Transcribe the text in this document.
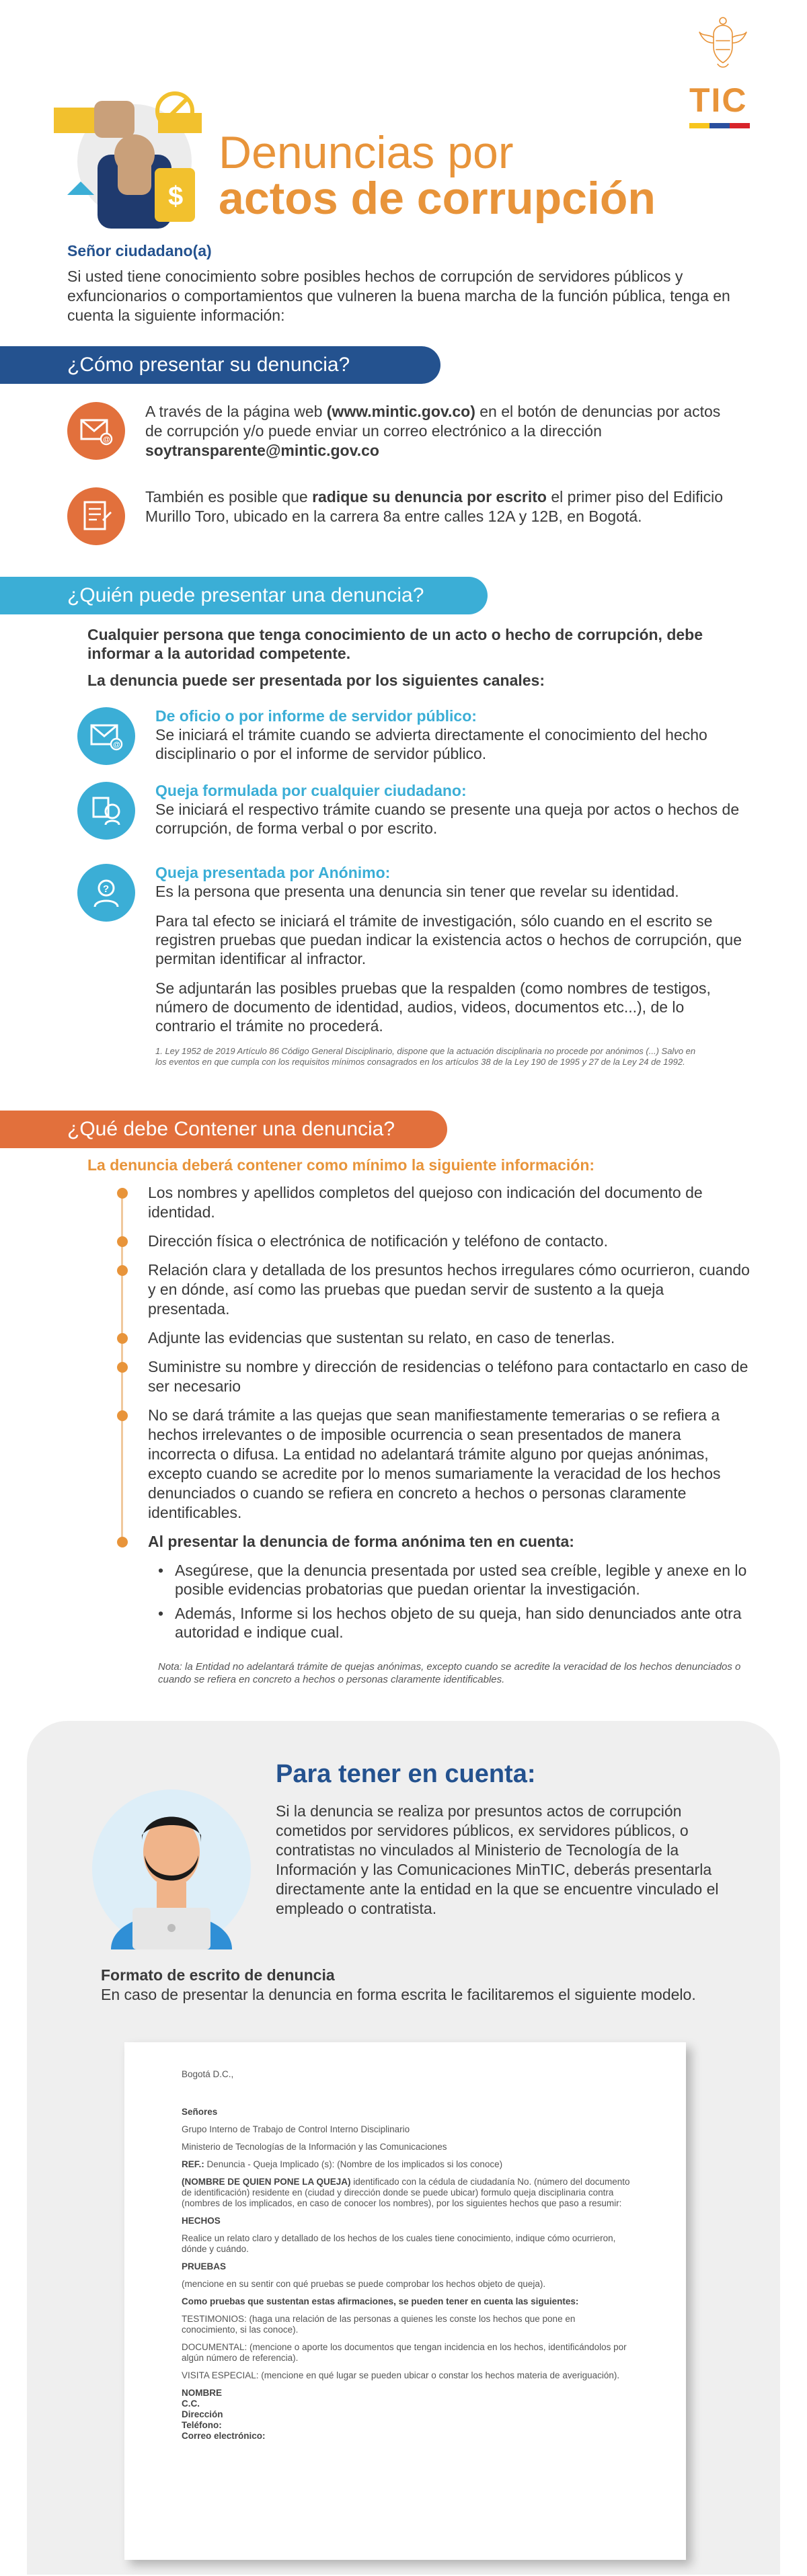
TIC
$
Denuncias por
actos de corrupción
Señor ciudadano(a)
Si usted tiene conocimiento sobre posibles hechos de corrupción de servidores públicos y exfuncionarios o comportamientos que vulneren la buena marcha de la función pública, tenga en cuenta la siguiente información:
¿Cómo presentar su denuncia?
@
A través de la página web (www.mintic.gov.co) en el botón de denuncias por actos de corrupción y/o puede enviar un correo electrónico a la dirección soytransparente@mintic.gov.co
También es posible que radique su denuncia por escrito el primer piso del Edificio Murillo Toro, ubicado en la carrera 8a entre calles 12A y 12B, en Bogotá.
¿Quién puede presentar una denuncia?
Cualquier persona que tenga conocimiento de un acto o hecho de corrupción, debe informar a la autoridad competente.
La denuncia puede ser presentada por los siguientes canales:
@
De oficio o por informe de servidor público:
Se iniciará el trámite cuando se advierta directamente el conocimiento del hecho disciplinario o por el informe de servidor público.
Queja formulada por cualquier ciudadano:
Se iniciará el respectivo trámite cuando se presente una queja por actos o hechos de corrupción, de forma verbal o por escrito.
?
Queja presentada por Anónimo:
Es la persona que presenta una denuncia sin tener que revelar su identidad.
Para tal efecto se iniciará el trámite de investigación, sólo cuando en el escrito se registren pruebas que puedan indicar la existencia actos o hechos de corrupción, que permitan identificar al infractor.
Se adjuntarán las posibles pruebas que la respalden (como nombres de testigos, número de documento de identidad, audios, videos, documentos etc...), de lo contrario el trámite no procederá.
1. Ley 1952 de 2019 Artículo 86 Código General Disciplinario, dispone que la actuación disciplinaria no procede por anónimos (...) Salvo en los eventos en que cumpla con los requisitos mínimos consagrados en los artículos 38 de la Ley 190 de 1995 y 27 de la Ley 24 de 1992.
¿Qué debe Contener una denuncia?
La denuncia deberá contener como mínimo la siguiente información:
Los nombres y apellidos completos del quejoso con indicación del documento de identidad.
Dirección física o electrónica de notificación y teléfono de contacto.
Relación clara y detallada de los presuntos hechos irregulares cómo ocurrieron, cuando y en dónde, así como las pruebas que puedan servir de sustento a la queja presentada.
Adjunte las evidencias que sustentan su relato, en caso de tenerlas.
Suministre su nombre y dirección de residencias o teléfono para contactarlo en caso de ser necesario
No se dará trámite a las quejas que sean manifiestamente temerarias o se refiera a hechos irrelevantes o de imposible ocurrencia o sean presentados de manera incorrecta o difusa. La entidad no adelantará trámite alguno por quejas anónimas, excepto cuando se acredite por lo menos sumariamente la veracidad de los hechos denunciados o cuando se refiera en concreto a hechos o personas claramente identificables.
Al presentar la denuncia de forma anónima ten en cuenta:
• Asegúrese, que la denuncia presentada por usted sea creíble, legible y anexe en lo posible evidencias probatorias que puedan orientar la investigación.
• Además, Informe si los hechos objeto de su queja, han sido denunciados ante otra autoridad e indique cual.
Nota: la Entidad no adelantará trámite de quejas anónimas, excepto cuando se acredite la veracidad de los hechos denunciados o cuando se refiera en concreto a hechos o personas claramente identificables.
Para tener en cuenta:
Si la denuncia se realiza por presuntos actos de corrupción cometidos por servidores públicos, ex servidores públicos, o contratistas no vinculados al Ministerio de Tecnología de la Información y las Comunicaciones MinTIC, deberás presentarla directamente ante la entidad en la que se encuentre vinculado el empleado o contratista.
Formato de escrito de denuncia
En caso de presentar la denuncia en forma escrita le facilitaremos el siguiente modelo.

Bogotá D.C.,

Señores

Grupo Interno de Trabajo de Control Interno Disciplinario

Ministerio de Tecnologías de la Información y las Comunicaciones

REF.: Denuncia - Queja Implicado (s): (Nombre de los implicados si los conoce)

(NOMBRE DE QUIEN PONE LA QUEJA) identificado con la cédula de ciudadanía No. (número del documento de identificación) residente en (ciudad y dirección donde se puede ubicar) formulo queja disciplinaria contra (nombres de los implicados, en caso de conocer los nombres), por los siguientes hechos que paso a resumir:

HECHOS

Realice un relato claro y detallado de los hechos de los cuales tiene conocimiento, indique cómo ocurrieron, dónde y cuándo.

PRUEBAS

(mencione en su sentir con qué pruebas se puede comprobar los hechos objeto de queja).

Como pruebas que sustentan estas afirmaciones, se pueden tener en cuenta las siguientes:

TESTIMONIOS: (haga una relación de las personas a quienes les conste los hechos que pone en conocimiento, si las conoce).

DOCUMENTAL: (mencione o aporte los documentos que tengan incidencia en los hechos, identificándolos por algún número de referencia).

VISITA ESPECIAL: (mencione en qué lugar se pueden ubicar o constar los hechos materia de averiguación).

NOMBRE

C.C.

Dirección

Teléfono:

Correo electrónico:
